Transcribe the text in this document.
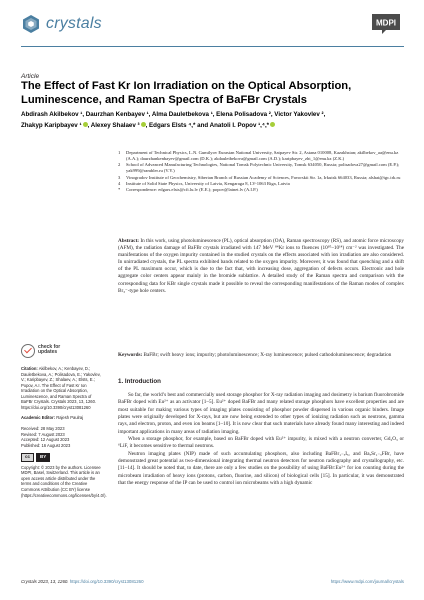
crystals	MDPI
Article
The Effect of Fast Kr Ion Irradiation on the Optical Absorption, Luminescence, and Raman Spectra of BaFBr Crystals
Abdirash Akilbekov ¹, Daurzhan Kenbayev ¹, Alma Dauletbekova ¹, Elena Polisadova ², Victor Yakovlev ²,
Zhakyp Karipbayev ¹ , Alexey Shalaev ³ , Edgars Elsts ⁴,* and Anatoli I. Popov ¹,⁴,*
1	Department of Technical Physics, L.N. Gumilyov Eurasian National University, Satpayev Str. 2, Astana 010008, Kazakhstan; akilbekov_aa@enu.kz (A.A.); daurzhankenbayev@gmail.com (D.K.); akdauletbekova@gmail.com (A.D.); karipbayev_zht_1@enu.kz (Z.K.)
2	School of Advanced Manufacturing Technologies, National Tomsk Polytechnic University, Tomsk 634050, Russia; polisadova27@gmail.com (E.P.); yak999@rambler.ru (V.Y.)
3	Vinogradov Institute of Geochemistry, Siberian Branch of Russian Academy of Sciences, Favorskii Str. 1a, Irkutsk 664033, Russia; alshai@igc.irk.ru
4	Institute of Solid State Physics, University of Latvia, Kengaraga 8, LV-1063 Riga, Latvia
*	Correspondence: edgars.elsts@cfi.lu.lv (E.E.); popov@latnet.lv (A.I.P.)
Abstract: In this work, using photoluminescence (PL), optical absorption (OA), Raman spectroscopy (RS), and atomic force microscopy (AFM), the radiation damage of BaFBr crystals irradiated with 147 MeV ⁸⁴Kr ions to fluences (10¹⁰–10¹⁴) cm⁻² was investigated. The manifestations of the oxygen impurity contained in the studied crystals on the effects associated with ion irradiation are also considered. In unirradiated crystals, the PL spectra exhibited bands related to the oxygen impurity. Moreover, it was found that quenching and a shift of the PL maximum occur, which is due to the fact that, with increasing dose, aggregation of defects occurs. Electronic and hole aggregate color centers appear mainly in the bromide sublattice. A detailed study of the Raman spectra and comparison with the corresponding data for KBr single crystals made it possible to reveal the corresponding manifestations of the Raman modes of complex Br₃⁻-type hole centers.
Keywords: BaFBr; swift heavy ions; impurity; photoluminescence; X-ray luminescence; pulsed cathodoluminescence; degradation
check for
updates
Citation: Akilbekov, A.; Kenbayev, D.; Dauletbekova, A.; Polisadova, E.; Yakovlev, V.; Karipbayev, Z.; Shalaev, A.; Elsts, E.; Popov, A.I. The Effect of Fast Kr Ion Irradiation on the Optical Absorption, Luminescence, and Raman Spectra of BaFBr Crystals. Crystals 2023, 13, 1260. https://doi.org/10.3390/cryst13081260
Academic Editor: Rajesh Paulraj
Received: 28 May 2023
Revised: 7 August 2023
Accepted: 12 August 2023
Published: 16 August 2023
cc	BY
Copyright: © 2023 by the authors. Licensee MDPI, Basel, Switzerland. This article is an open access article distributed under the terms and conditions of the Creative Commons Attribution (CC BY) license (https://creativecommons.org/licenses/by/4.0/).
1. Introduction

So far, the world’s best and commercially used storage phosphor for X-ray radiation imaging and dosimetry is barium fluorobromide BaFBr doped with Eu²⁺ as an activator [1–5]. Eu²⁺ doped BaFBr and many related storage phosphors have excellent properties and are most suitable for making various types of imaging plates consisting of phosphor powder dispersed in various organic binders. Image plates were originally developed for X-rays, but are now being extended to other types of ionizing radiation such as neutrons, gamma rays, and electron, proton, and even ion beams [1–10]. It is now clear that such materials have already found many interesting and indeed important applications in many areas of radiation imaging.

When a storage phosphor, for example, based on BaFBr doped with Eu²⁺ impurity, is mixed with a neutron converter, Gd₂O₃ or ⁶LiF, it becomes sensitive to thermal neutrons.

Neutron imaging plates (NIP) made of such accumulating phosphors, also including BaFBr₁₋ₓIₓ, and BaₓSr₁₋ₓFBr, have demonstrated great potential as two-dimensional integrating thermal neutron detectors for neutron radiography and crystallography, etc. [11–14]. It should be noted that, to date, there are only a few studies on the possibility of using BaFBr:Eu²⁺ for ion counting during the microbeam irradiation of heavy ions (protons, carbon, fluorine, and silicon) of biological cells [15]. In particular, it was demonstrated that the energy response of the IP can be used to control ion microbeams with a high dynamic

Crystals 2023, 13, 1260. https://doi.org/10.3390/cryst13081260	https://www.mdpi.com/journal/crystals
